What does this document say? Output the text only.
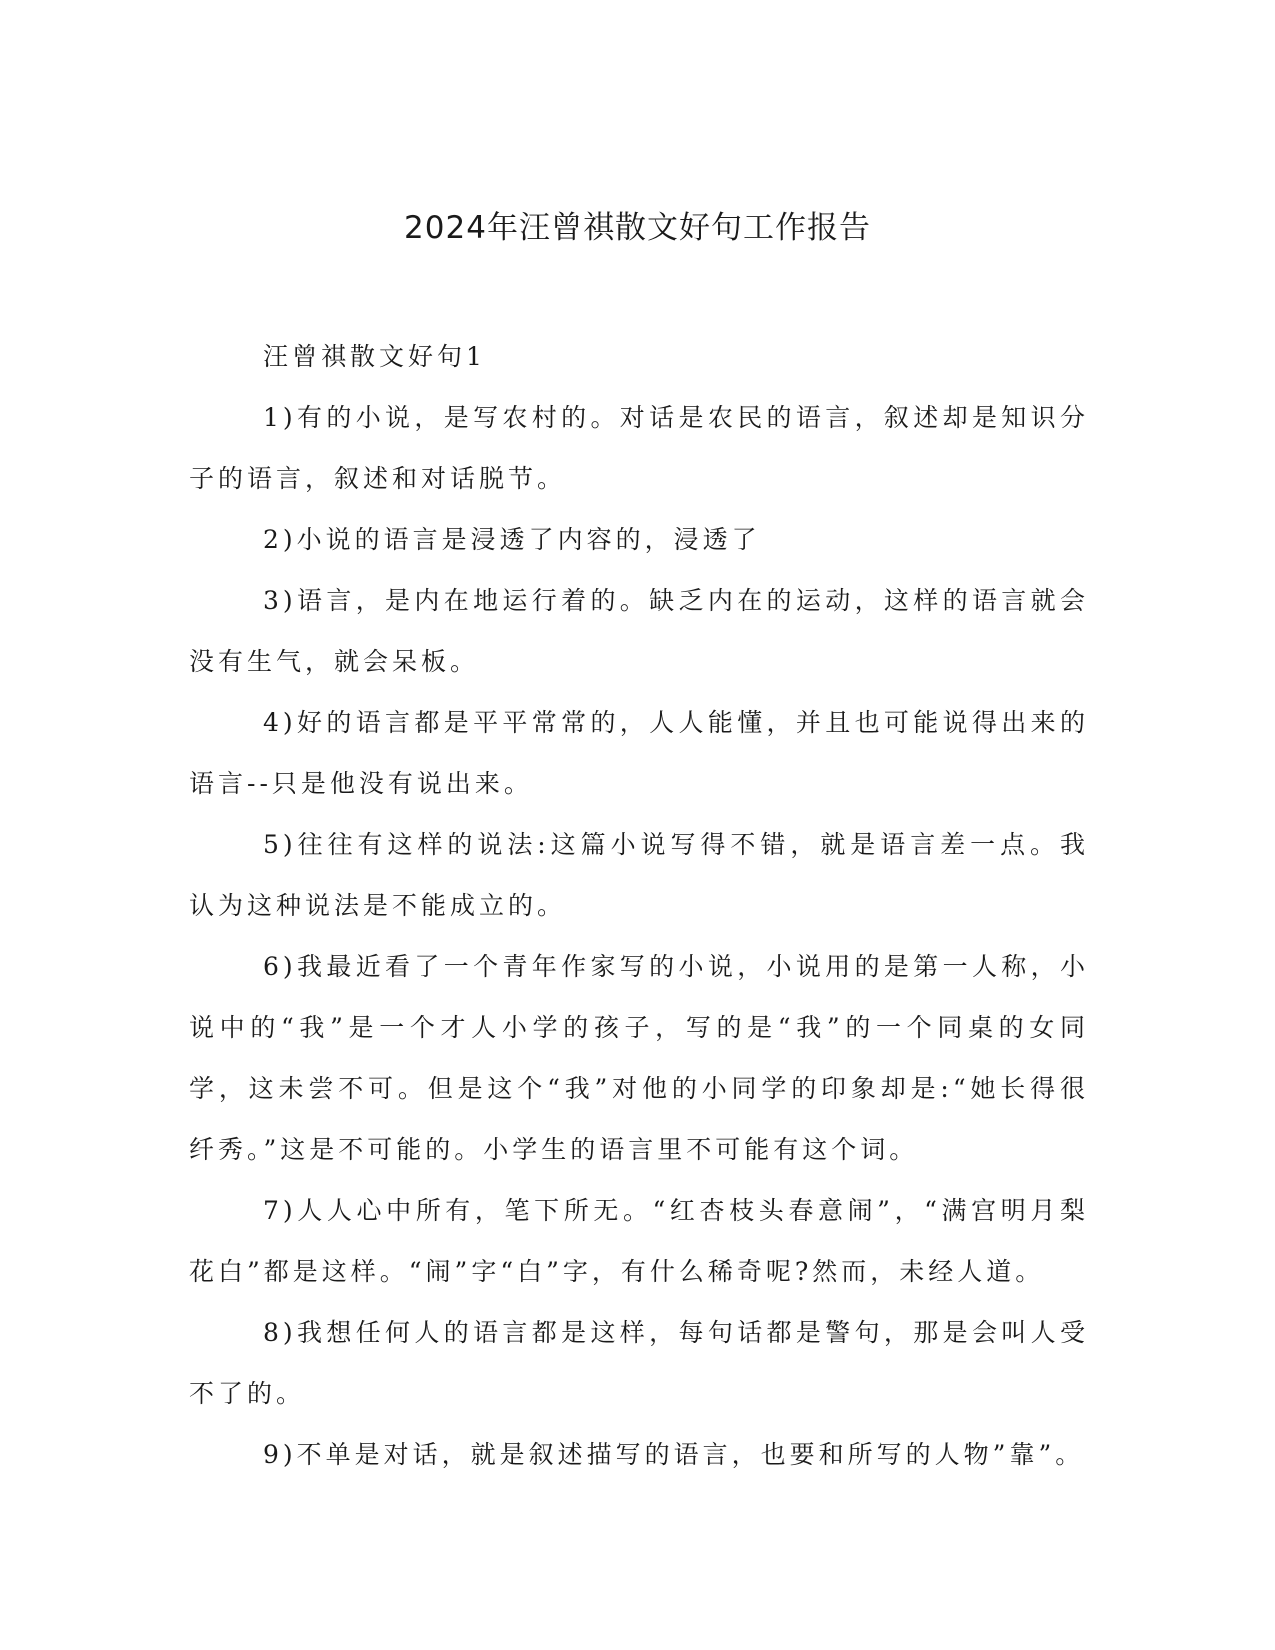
2024年汪曾祺散文好句工作报告

汪曾祺散文好句1

1)有的小说，是写农村的。对话是农民的语言，叙述却是知识分子的语言，叙述和对话脱节。

2)小说的语言是浸透了内容的，浸透了

3)语言，是内在地运行着的。缺乏内在的运动，这样的语言就会没有生气，就会呆板。

4)好的语言都是平平常常的，人人能懂，并且也可能说得出来的语言--只是他没有说出来。

5)往往有这样的说法:这篇小说写得不错，就是语言差一点。我认为这种说法是不能成立的。

6)我最近看了一个青年作家写的小说，小说用的是第一人称，小说中的“我”是一个才人小学的孩子，写的是“我”的一个同桌的女同学，这未尝不可。但是这个“我”对他的小同学的印象却是:“她长得很纤秀。”这是不可能的。小学生的语言里不可能有这个词。

7)人人心中所有，笔下所无。“红杏枝头春意闹”，“满宫明月梨花白”都是这样。“闹”字“白”字，有什么稀奇呢?然而，未经人道。

8)我想任何人的语言都是这样，每句话都是警句，那是会叫人受不了的。

9)不单是对话，就是叙述描写的语言，也要和所写的人物”靠”。
